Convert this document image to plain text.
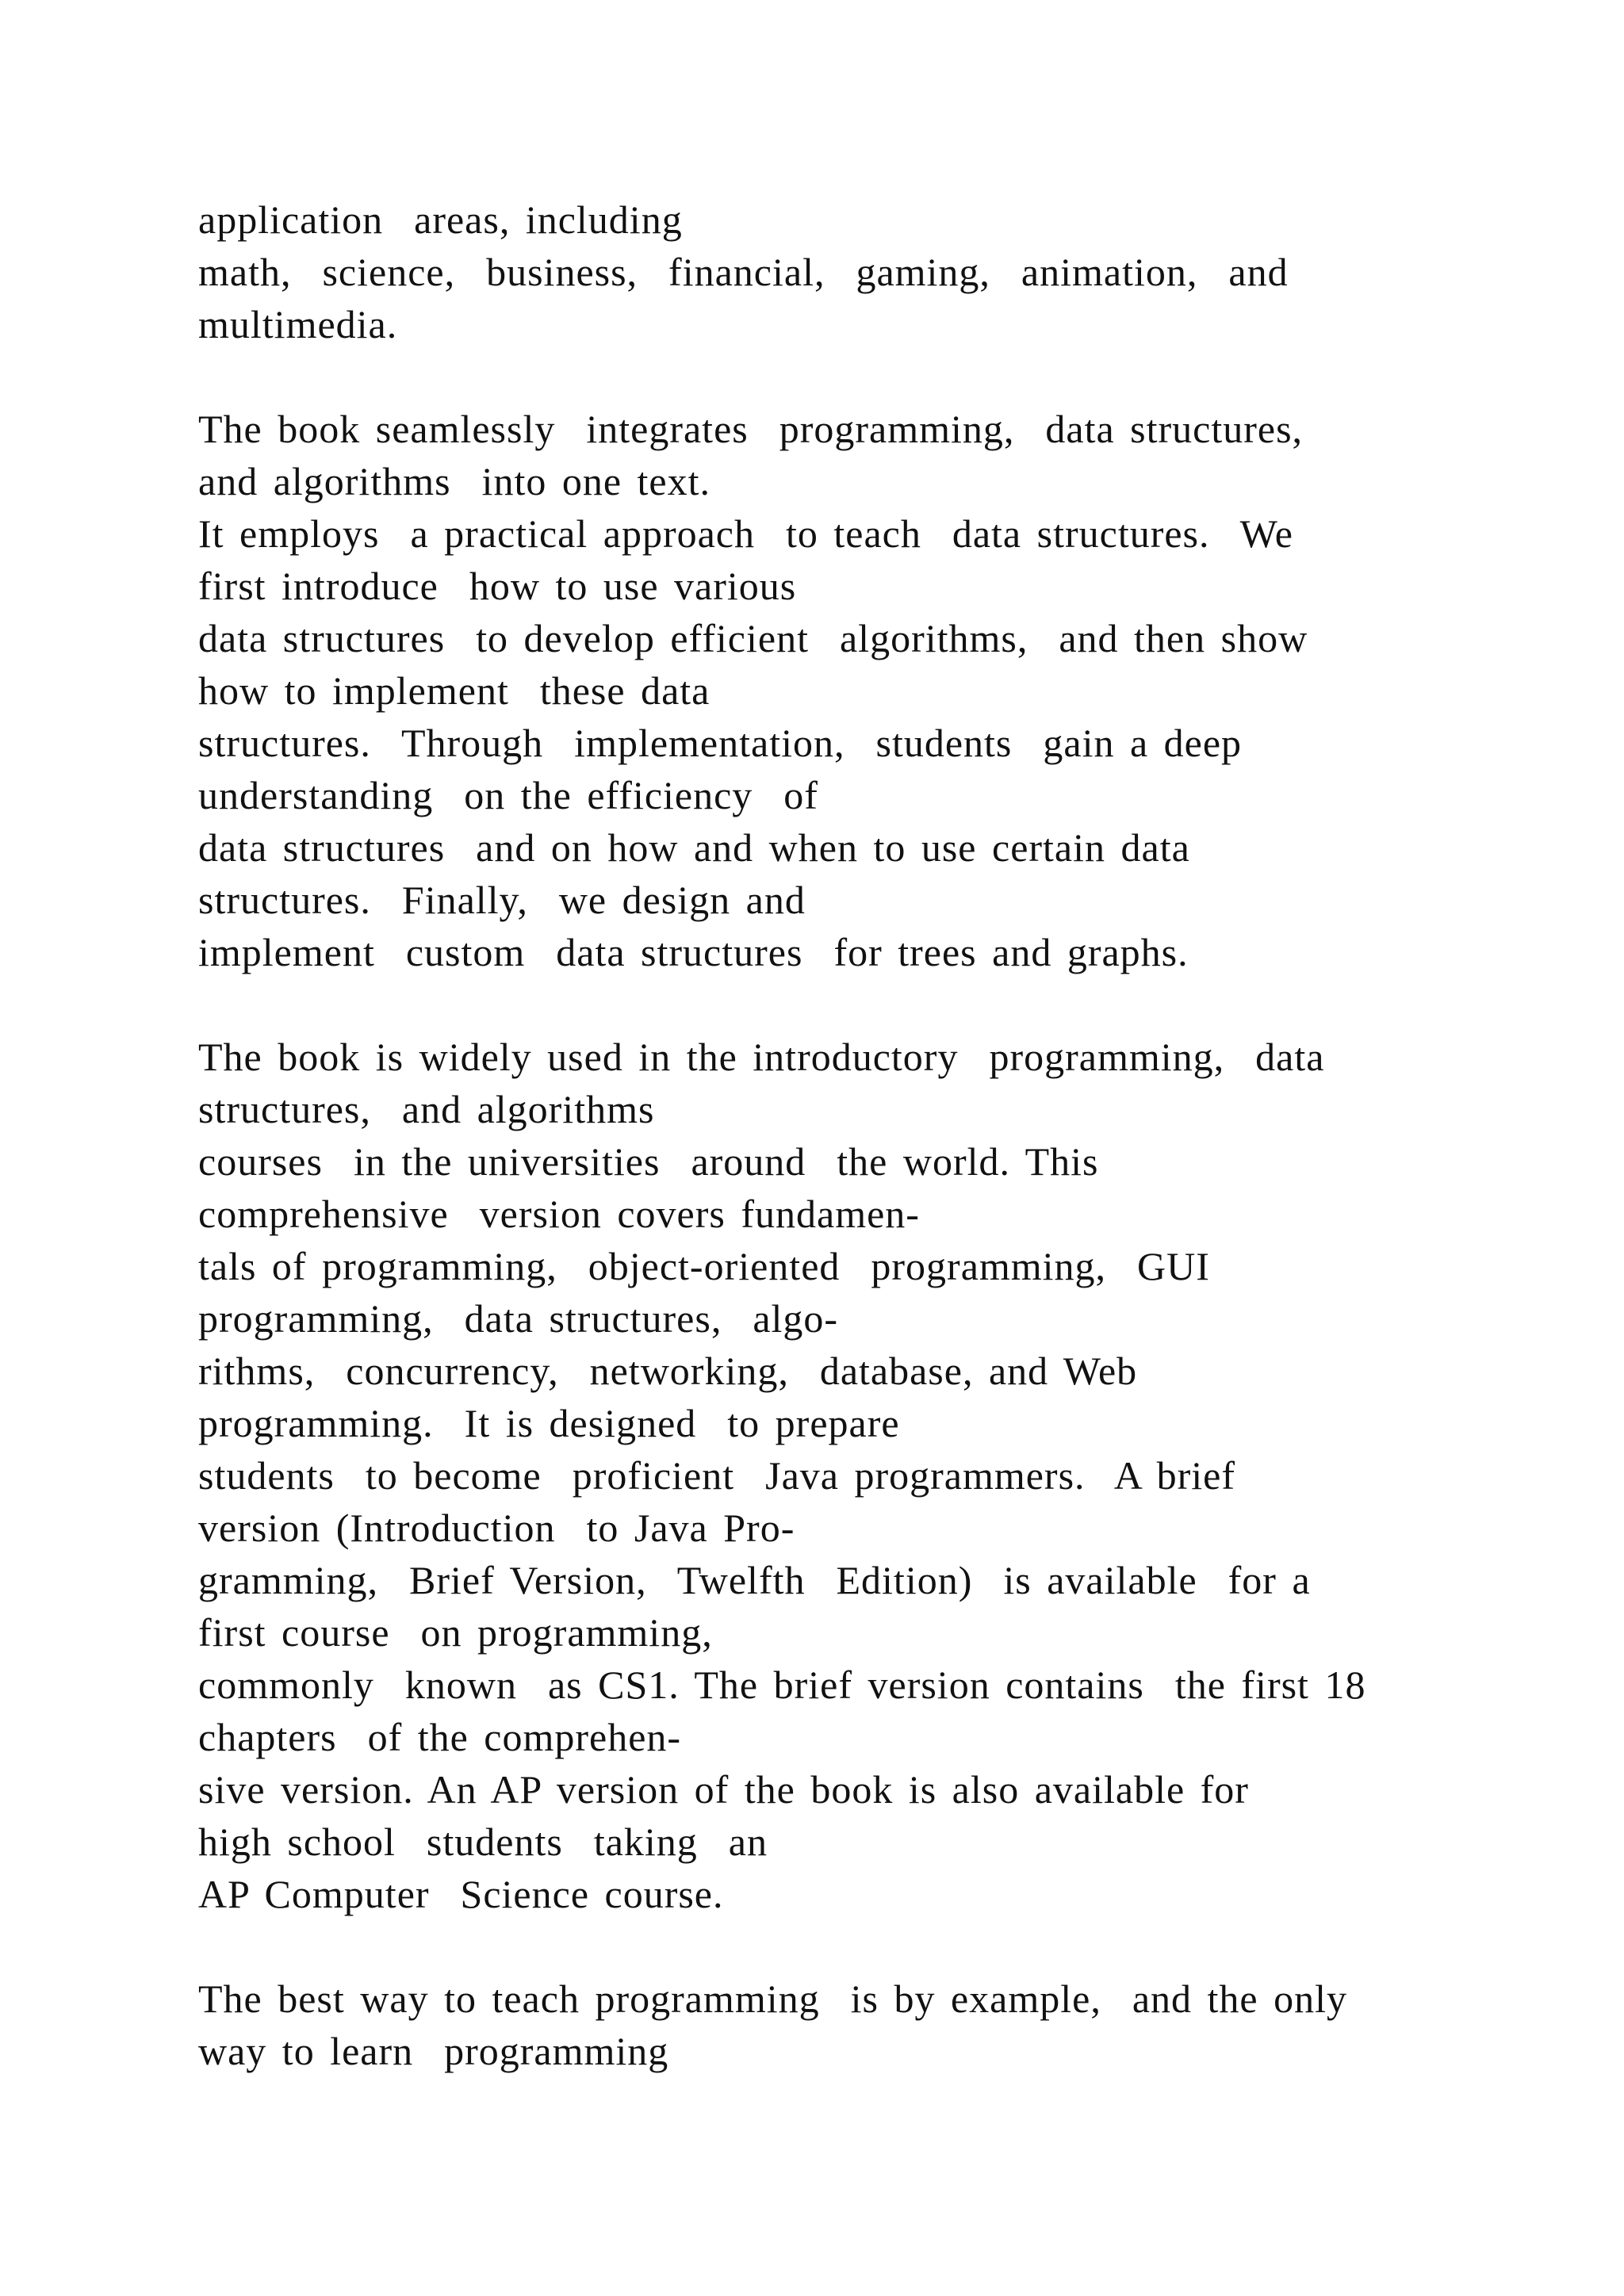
application  areas, including
math,  science,  business,  financial,  gaming,  animation,  and
multimedia.
The book seamlessly  integrates  programming,  data structures,
and algorithms  into one text.
It employs  a practical approach  to teach  data structures.  We
first introduce  how to use various
data structures  to develop efficient  algorithms,  and then show
how to implement  these data
structures.  Through  implementation,  students  gain a deep
understanding  on the efficiency  of
data structures  and on how and when to use certain data
structures.  Finally,  we design and
implement  custom  data structures  for trees and graphs.
The book is widely used in the introductory  programming,  data
structures,  and algorithms
courses  in the universities  around  the world. This
comprehensive  version covers fundamen-
tals of programming,  object-oriented  programming,  GUI
programming,  data structures,  algo-
rithms,  concurrency,  networking,  database, and Web
programming.  It is designed  to prepare
students  to become  proficient  Java programmers.  A brief
version (Introduction  to Java Pro-
gramming,  Brief Version,  Twelfth  Edition)  is available  for a
first course  on programming,
commonly  known  as CS1. The brief version contains  the first 18
chapters  of the comprehen-
sive version. An AP version of the book is also available for
high school  students  taking  an
AP Computer  Science course.
The best way to teach programming  is by example,  and the only
way to learn  programming
